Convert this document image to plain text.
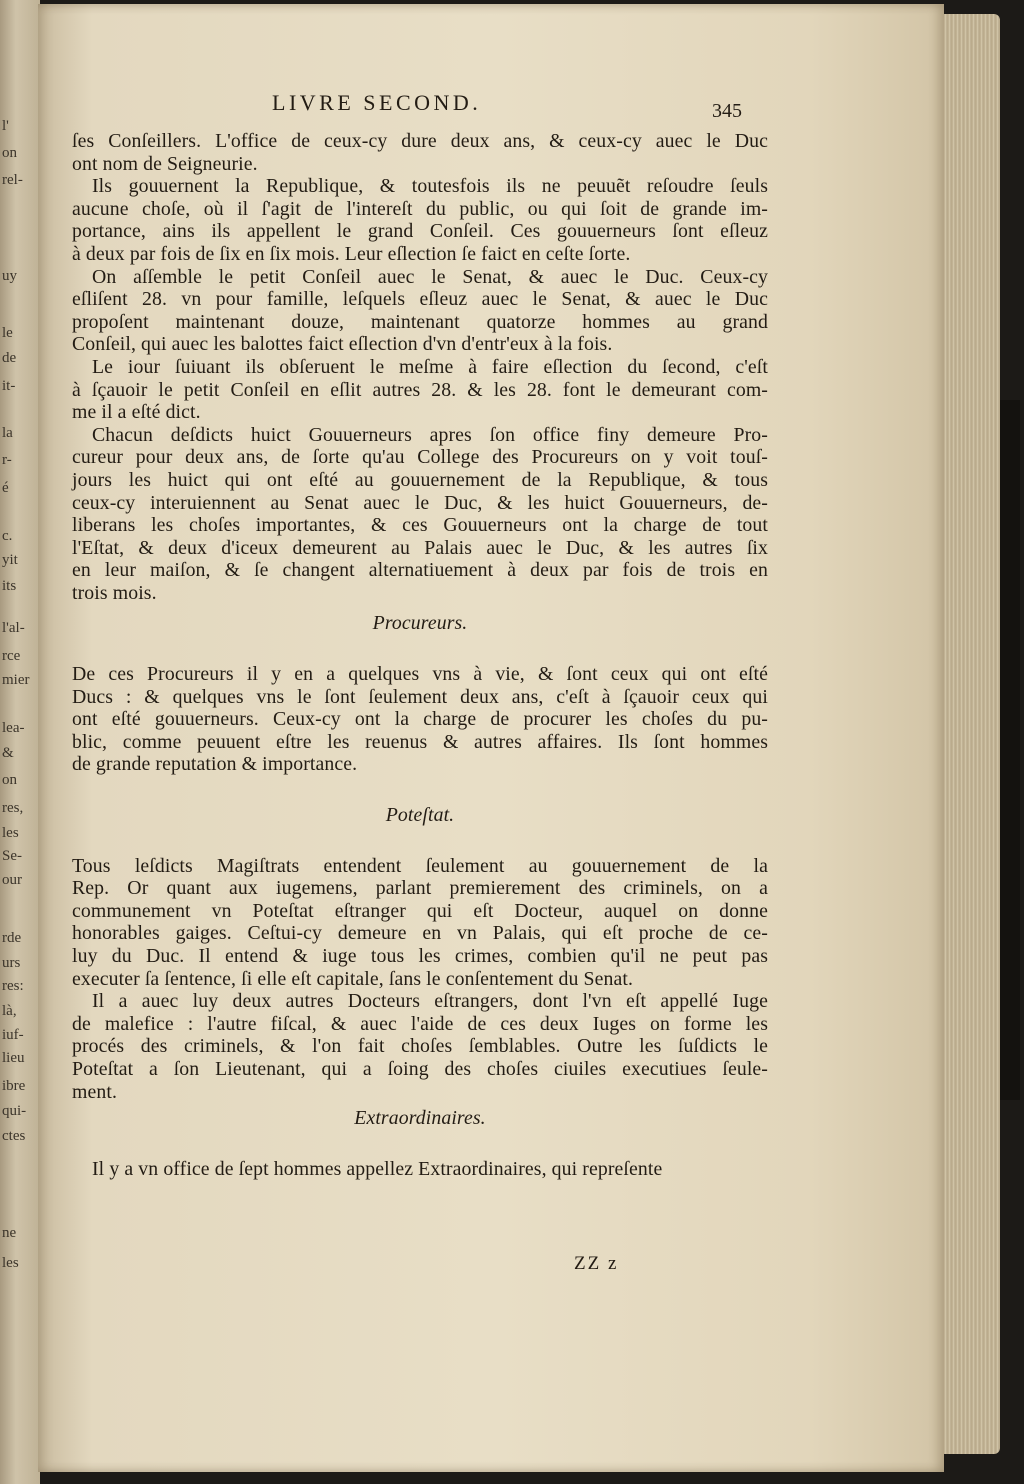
l'
on
rel-
uy
le
de
it-
la
r-
é
c.
yit
its
l'al-
rce
mier
lea-
&
on
res,
les
Se-
our
rde
urs
res:
là,
iuf-
lieu
ibre
qui-
ctes
ne
les
LIVRE SECOND.	345
ſes Conſeillers. L'office de ceux-cy dure deux ans, & ceux-cy auec le Duc
ont nom de Seigneurie.
Ils gouuernent la Republique, & toutesfois ils ne peuuẽt reſoudre ſeuls
aucune choſe, où il ſ'agit de l'intereſt du public, ou qui ſoit de grande im-
portance, ains ils appellent le grand Conſeil. Ces gouuerneurs ſont eſleuz
à deux par fois de ſix en ſix mois. Leur eſlection ſe faict en ceſte ſorte.
On aſſemble le petit Conſeil auec le Senat, & auec le Duc. Ceux-cy
eſliſent 28. vn pour famille, leſquels eſleuz auec le Senat, & auec le Duc
propoſent maintenant douze, maintenant quatorze hommes au grand
Conſeil, qui auec les balottes faict eſlection d'vn d'entr'eux à la fois.
Le iour ſuiuant ils obſeruent le meſme à faire eſlection du ſecond, c'eſt
à ſçauoir le petit Conſeil en eſlit autres 28. & les 28. font le demeurant com-
me il a eſté dict.
Chacun deſdicts huict Gouuerneurs apres ſon office finy demeure Pro-
cureur pour deux ans, de ſorte qu'au College des Procureurs on y voit touſ-
jours les huict qui ont eſté au gouuernement de la Republique, & tous
ceux-cy interuiennent au Senat auec le Duc, & les huict Gouuerneurs, de-
liberans les choſes importantes, & ces Gouuerneurs ont la charge de tout
l'Eſtat, & deux d'iceux demeurent au Palais auec le Duc, & les autres ſix
en leur maiſon, & ſe changent alternatiuement à deux par fois de trois en
trois mois.
Procureurs.
De ces Procureurs il y en a quelques vns à vie, & ſont ceux qui ont eſté
Ducs : & quelques vns le ſont ſeulement deux ans, c'eſt à ſçauoir ceux qui
ont eſté gouuerneurs. Ceux-cy ont la charge de procurer les choſes du pu-
blic, comme peuuent eſtre les reuenus & autres affaires. Ils ſont hommes
de grande reputation & importance.
Poteſtat.
Tous leſdicts Magiſtrats entendent ſeulement au gouuernement de la
Rep. Or quant aux iugemens, parlant premierement des criminels, on a
communement vn Poteſtat eſtranger qui eſt Docteur, auquel on donne
honorables gaiges. Ceſtui-cy demeure en vn Palais, qui eſt proche de ce-
luy du Duc. Il entend & iuge tous les crimes, combien qu'il ne peut pas
executer ſa ſentence, ſi elle eſt capitale, ſans le conſentement du Senat.
Il a auec luy deux autres Docteurs eſtrangers, dont l'vn eſt appellé Iuge
de malefice : l'autre fiſcal, & auec l'aide de ces deux Iuges on forme les
procés des criminels, & l'on fait choſes ſemblables. Outre les ſuſdicts le
Poteſtat a ſon Lieutenant, qui a ſoing des choſes ciuiles executiues ſeule-
ment.
Extraordinaires.
Il y a vn office de ſept hommes appellez Extraordinaires, qui repreſente
ZZ z
